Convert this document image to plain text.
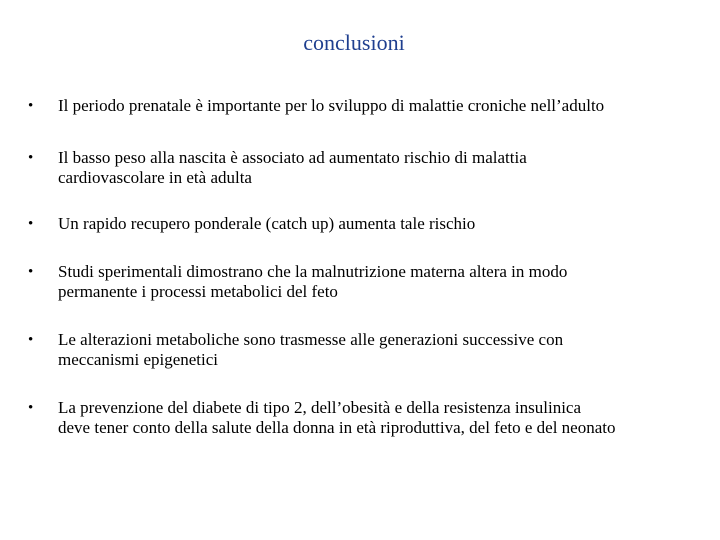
conclusioni
•	Il periodo prenatale è importante per lo sviluppo di malattie croniche nell’adulto
•	Il basso peso alla nascita è associato ad aumentato rischio di malattia
cardiovascolare in età adulta
•	Un rapido recupero ponderale (catch up) aumenta tale rischio
•	Studi sperimentali dimostrano che la malnutrizione materna altera in modo
permanente i processi metabolici del feto
•	Le alterazioni metaboliche sono trasmesse alle generazioni successive con
meccanismi epigenetici
•	La prevenzione del diabete di tipo 2, dell’obesità e della resistenza insulinica
deve tener conto della salute della donna in età riproduttiva, del feto e del neonato
